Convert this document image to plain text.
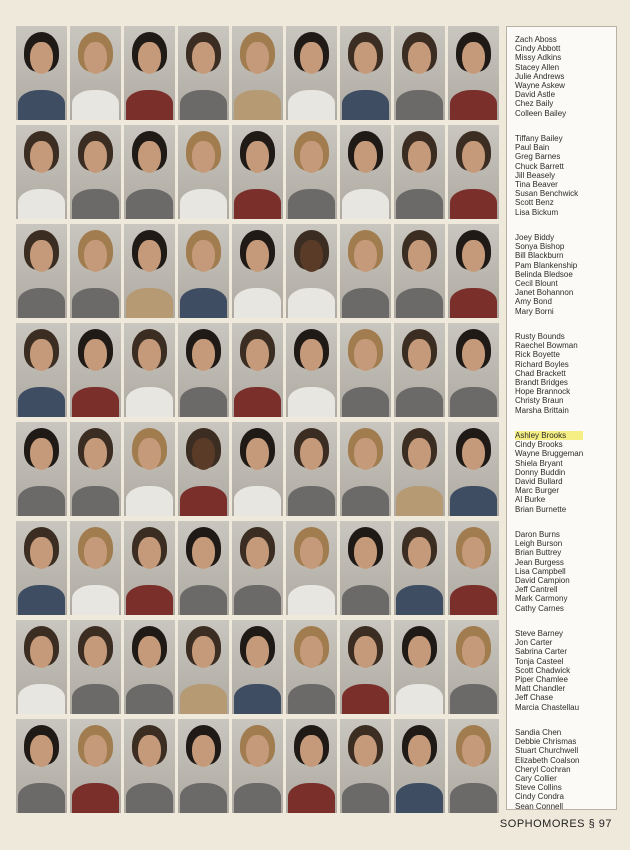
Zach Aboss
Cindy Abbott
Missy Adkins
Stacey Allen
Julie Andrews
Wayne Askew
David Astle
Chez Baily
Colleen Bailey
Tiffany Bailey
Paul Bain
Greg Barnes
Chuck Barrett
Jill Beasely
Tina Beaver
Susan Benchwick
Scott Benz
Lisa Bickum
Joey Biddy
Sonya Bishop
Bill Blackburn
Pam Blankenship
Belinda Bledsoe
Cecil Blount
Janet Bohannon
Amy Bond
Mary Borni
Rusty Bounds
Raechel Bowman
Rick Boyette
Richard Boyles
Chad Brackett
Brandt Bridges
Hope Brannock
Christy Braun
Marsha Brittain
Ashley Brooks
Cindy Brooks
Wayne Bruggeman
Shiela Bryant
Donny Buddin
David Bullard
Marc Burger
Al Burke
Brian Burnette
Daron Burns
Leigh Burson
Brian Buttrey
Jean Burgess
Lisa Campbell
David Campion
Jeff Cantrell
Mark Carmony
Cathy Carnes
Steve Barney
Jon Carter
Sabrina Carter
Tonja Casteel
Scott Chadwick
Piper Chamlee
Matt Chandler
Jeff Chase
Marcia Chastellau
Sandia Chen
Debbie Chrismas
Stuart Churchwell
Elizabeth Coalson
Cheryl Cochran
Cary Collier
Steve Collins
Cindy Condra
Sean Connell
SOPHOMORES § 97
